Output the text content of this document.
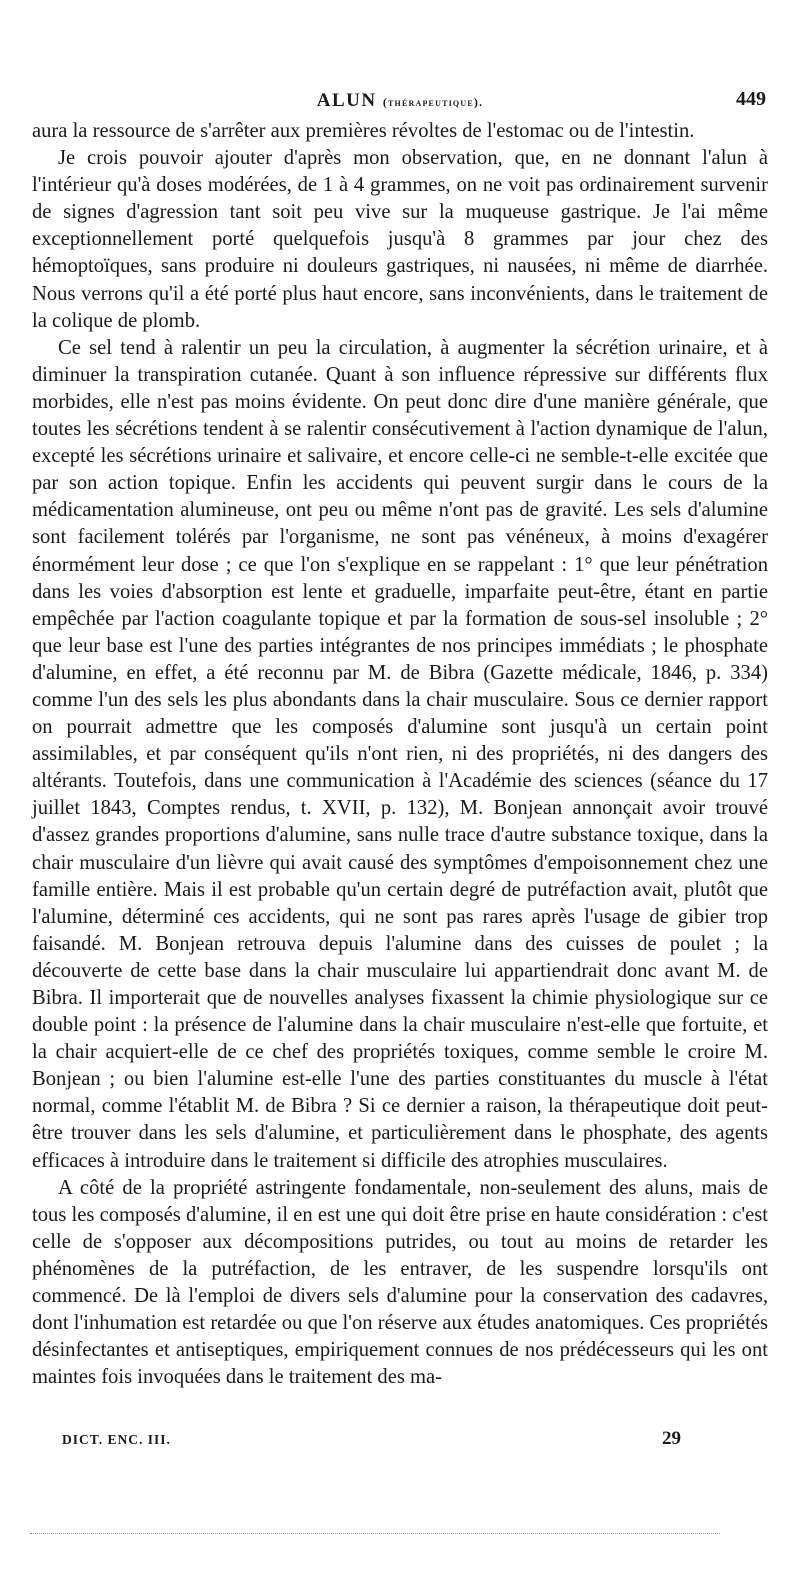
ALUN (thérapeutique).	449

aura la ressource de s'arrêter aux premières révoltes de l'estomac ou de l'intestin.

Je crois pouvoir ajouter d'après mon observation, que, en ne donnant l'alun à l'intérieur qu'à doses modérées, de 1 à 4 grammes, on ne voit pas ordinairement survenir de signes d'agression tant soit peu vive sur la muqueuse gastrique. Je l'ai même exceptionnellement porté quelquefois jusqu'à 8 grammes par jour chez des hémoptoïques, sans produire ni douleurs gastriques, ni nausées, ni même de diarrhée. Nous verrons qu'il a été porté plus haut encore, sans inconvénients, dans le traitement de la colique de plomb.

Ce sel tend à ralentir un peu la circulation, à augmenter la sécrétion urinaire, et à diminuer la transpiration cutanée. Quant à son influence répressive sur différents flux morbides, elle n'est pas moins évidente. On peut donc dire d'une manière générale, que toutes les sécrétions tendent à se ralentir consécutivement à l'action dynamique de l'alun, excepté les sécrétions urinaire et salivaire, et encore celle-ci ne semble-t-elle excitée que par son action topique. Enfin les accidents qui peuvent surgir dans le cours de la médicamentation alumineuse, ont peu ou même n'ont pas de gravité. Les sels d'alumine sont facilement tolérés par l'organisme, ne sont pas vénéneux, à moins d'exagérer énormément leur dose ; ce que l'on s'explique en se rappelant : 1° que leur pénétration dans les voies d'absorption est lente et graduelle, imparfaite peut-être, étant en partie empêchée par l'action coagulante topique et par la formation de sous-sel insoluble ; 2° que leur base est l'une des parties intégrantes de nos principes immédiats ; le phosphate d'alumine, en effet, a été reconnu par M. de Bibra (Gazette médicale, 1846, p. 334) comme l'un des sels les plus abondants dans la chair musculaire. Sous ce dernier rapport on pourrait admettre que les composés d'alumine sont jusqu'à un certain point assimilables, et par conséquent qu'ils n'ont rien, ni des propriétés, ni des dangers des altérants. Toutefois, dans une communication à l'Académie des sciences (séance du 17 juillet 1843, Comptes rendus, t. XVII, p. 132), M. Bonjean annonçait avoir trouvé d'assez grandes proportions d'alumine, sans nulle trace d'autre substance toxique, dans la chair musculaire d'un lièvre qui avait causé des symptômes d'empoisonnement chez une famille entière. Mais il est probable qu'un certain degré de putréfaction avait, plutôt que l'alumine, déterminé ces accidents, qui ne sont pas rares après l'usage de gibier trop faisandé. M. Bonjean retrouva depuis l'alumine dans des cuisses de poulet ; la découverte de cette base dans la chair musculaire lui appartiendrait donc avant M. de Bibra. Il importerait que de nouvelles analyses fixassent la chimie physiologique sur ce double point : la présence de l'alumine dans la chair musculaire n'est-elle que fortuite, et la chair acquiert-elle de ce chef des propriétés toxiques, comme semble le croire M. Bonjean ; ou bien l'alumine est-elle l'une des parties constituantes du muscle à l'état normal, comme l'établit M. de Bibra ? Si ce dernier a raison, la thérapeutique doit peut-être trouver dans les sels d'alumine, et particulièrement dans le phosphate, des agents efficaces à introduire dans le traitement si difficile des atrophies musculaires.

A côté de la propriété astringente fondamentale, non-seulement des aluns, mais de tous les composés d'alumine, il en est une qui doit être prise en haute considération : c'est celle de s'opposer aux décompositions putrides, ou tout au moins de retarder les phénomènes de la putréfaction, de les entraver, de les suspendre lorsqu'ils ont commencé. De là l'emploi de divers sels d'alumine pour la conservation des cadavres, dont l'inhumation est retardée ou que l'on réserve aux études anatomiques. Ces propriétés désinfectantes et antiseptiques, empiriquement connues de nos prédécesseurs qui les ont maintes fois invoquées dans le traitement des ma-

DICT. ENC. III.	29
